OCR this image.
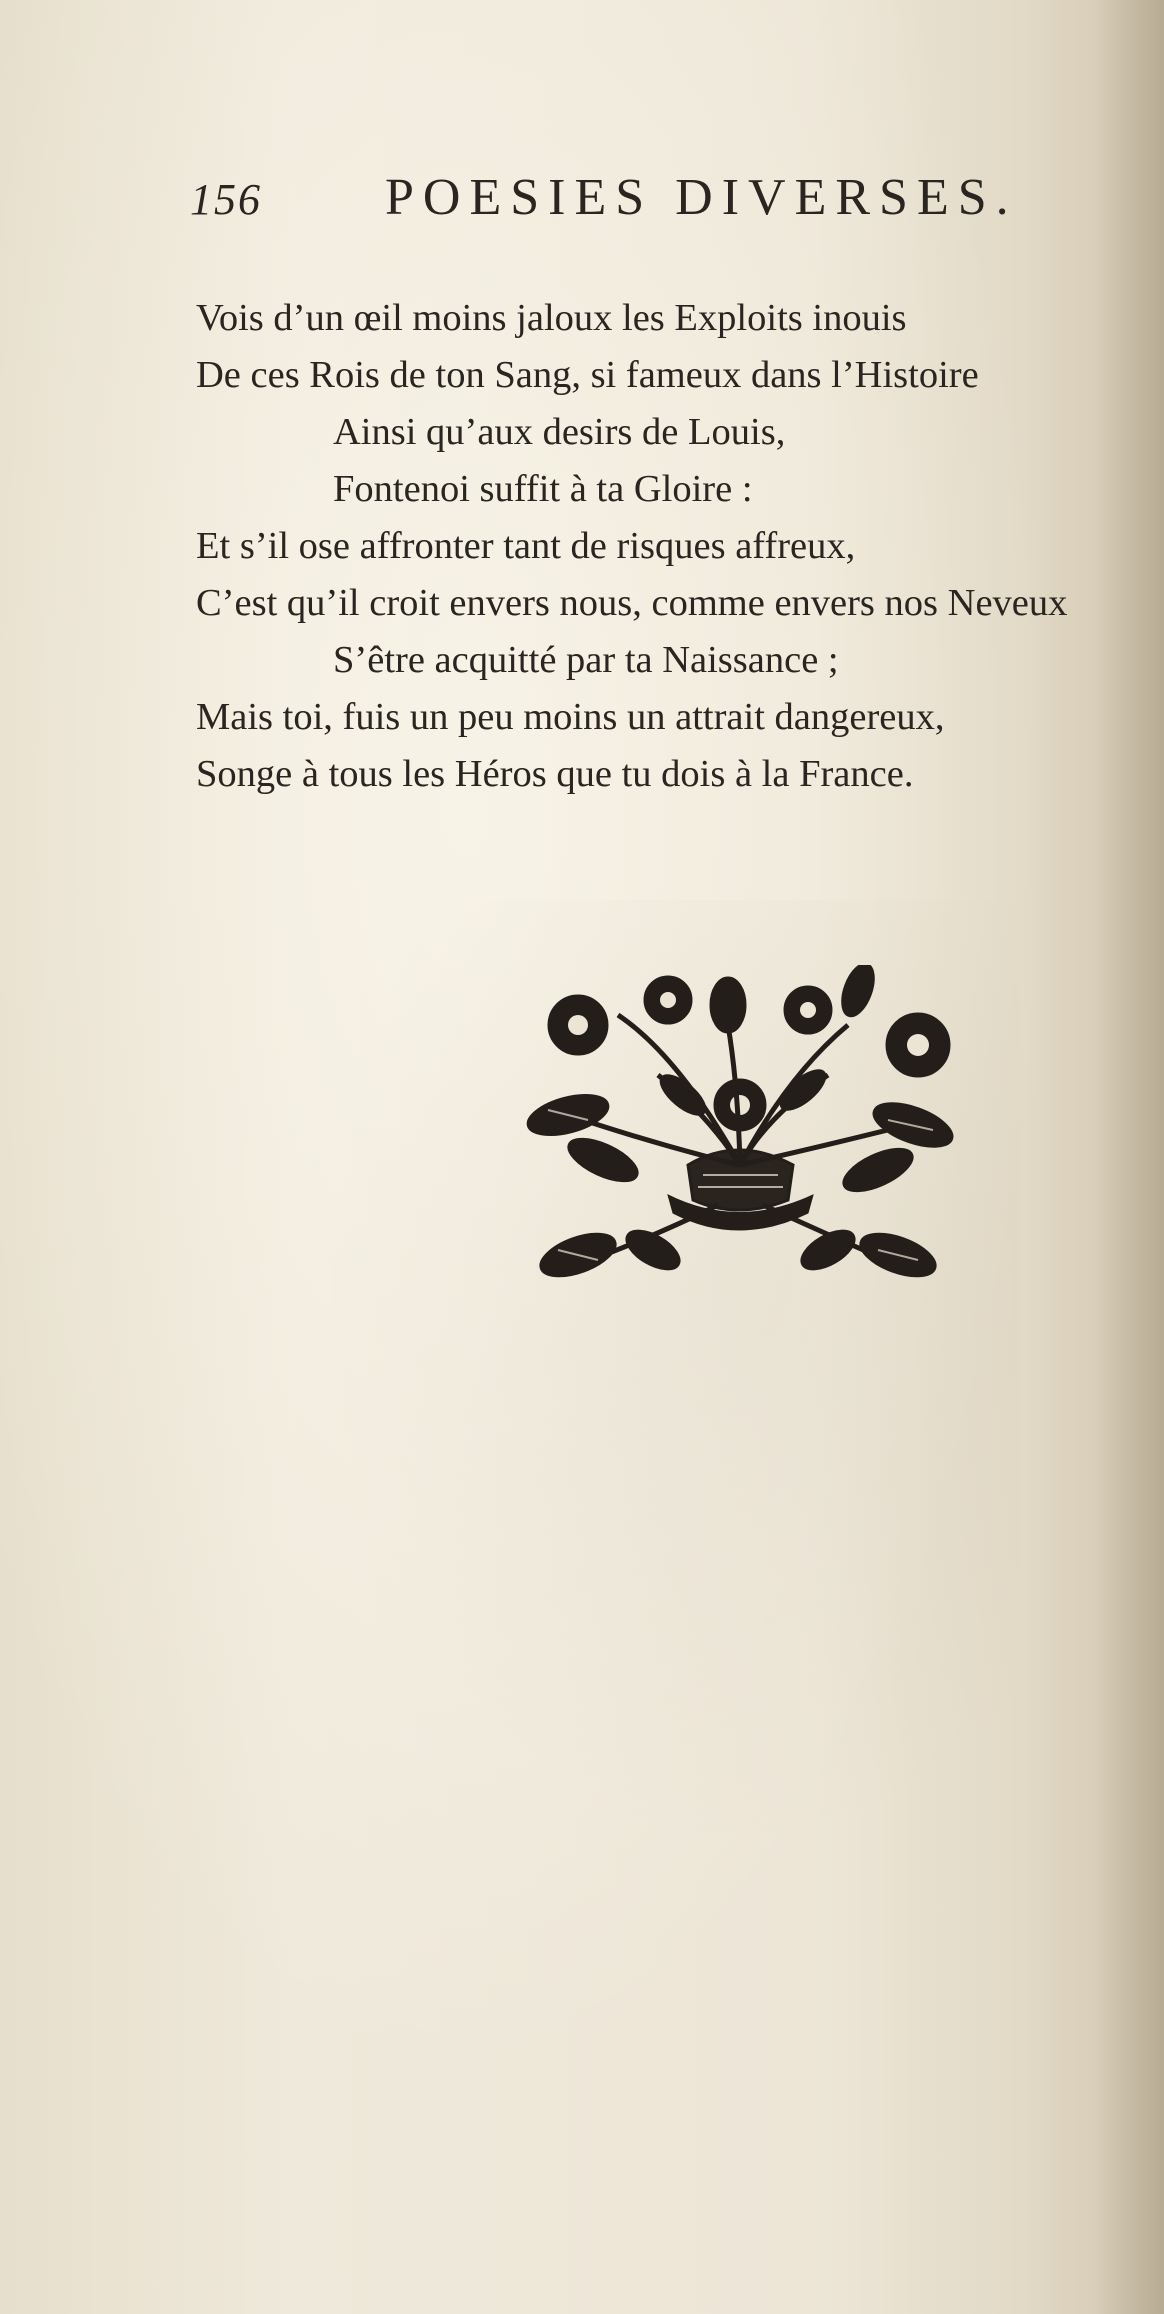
156 POESIES DIVERSES.
Vois d’un œil moins jaloux les Exploits inouis
De ces Rois de ton Sang, si fameux dans l’Histoire
Ainsi qu’aux desirs de Louis,
Fontenoi suffit à ta Gloire :
Et s’il ose affronter tant de risques affreux,
C’est qu’il croit envers nous, comme envers nos Neveux
S’être acquitté par ta Naissance ;
Mais toi, fuis un peu moins un attrait dangereux,
Songe à tous les Héros que tu dois à la France.
